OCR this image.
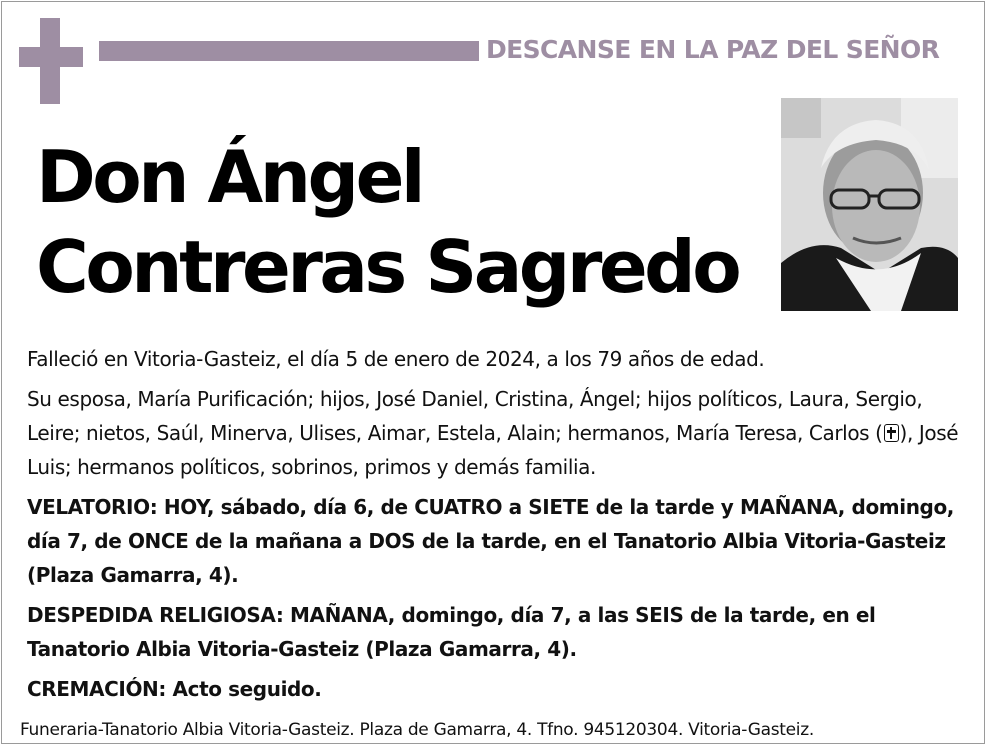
DESCANSE EN LA PAZ DEL SEÑOR
Don Ángel
Contreras Sagredo

Falleció en Vitoria-Gasteiz, el día 5 de enero de 2024, a los 79 años de edad.

Su esposa, María Purificación; hijos, José Daniel, Cristina, Ángel; hijos políticos, Laura, Sergio, Leire; nietos, Saúl, Minerva, Ulises, Aimar, Estela, Alain; hermanos, María Teresa, Carlos ( ), José Luis; hermanos políticos, sobrinos, primos y demás familia.

VELATORIO: HOY, sábado, día 6, de CUATRO a SIETE de la tarde y MAÑANA, domingo, día 7, de ONCE de la mañana a DOS de la tarde, en el Tanatorio Albia Vitoria-Gasteiz (Plaza Gamarra, 4).

DESPEDIDA RELIGIOSA: MAÑANA, domingo, día 7, a las SEIS de la tarde, en el Tanatorio Albia Vitoria-Gasteiz (Plaza Gamarra, 4).

CREMACIÓN: Acto seguido.

Funeraria-Tanatorio Albia Vitoria-Gasteiz. Plaza de Gamarra, 4. Tfno. 945120304. Vitoria-Gasteiz.
